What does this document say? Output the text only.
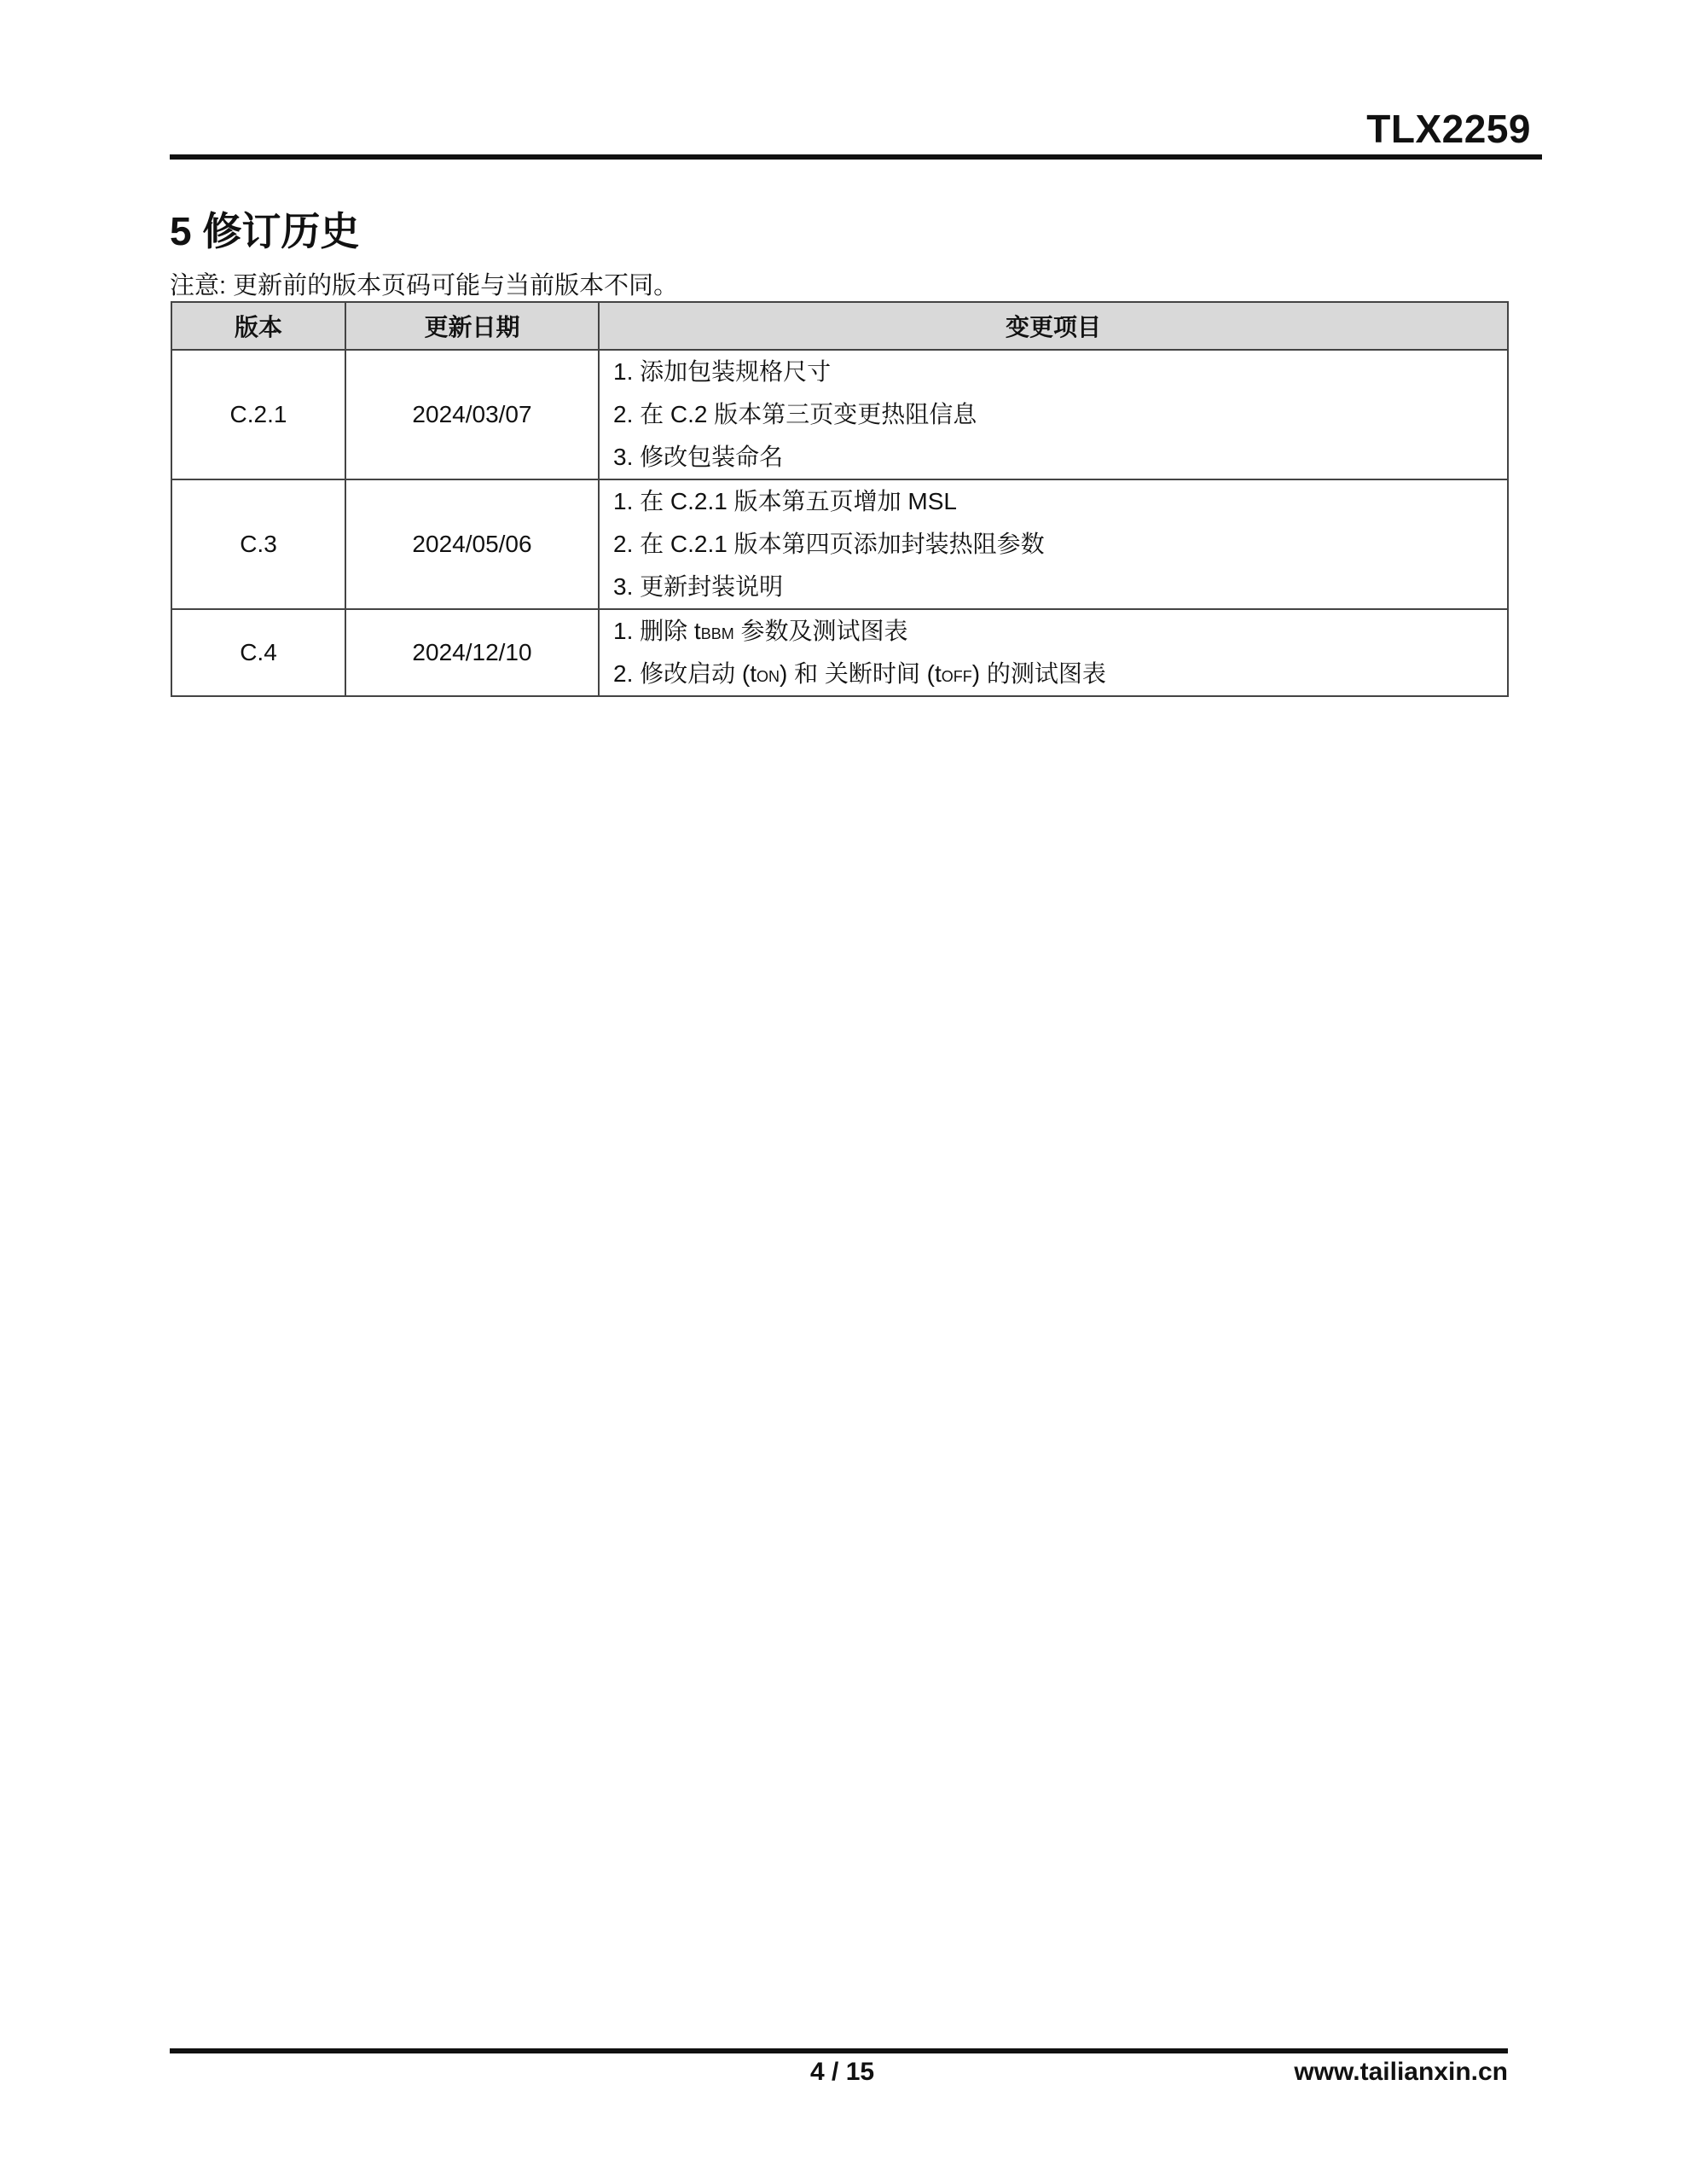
TLX2259
5 修订历史
注意: 更新前的版本页码可能与当前版本不同。
版本	更新日期	变更项目
C.2.1	2024/03/07	1. 添加包装规格尺寸
2. 在 C.2 版本第三页变更热阻信息
3. 修改包装命名

C.3	2024/05/06	1. 在 C.2.1 版本第五页增加 MSL
2. 在 C.2.1 版本第四页添加封装热阻参数
3. 更新封装说明

C.4	2024/12/10	1. 删除 tBBM 参数及测试图表
2. 修改启动 (tON) 和 关断时间 (tOFF) 的测试图表
4 / 15	www.tailianxin.cn
